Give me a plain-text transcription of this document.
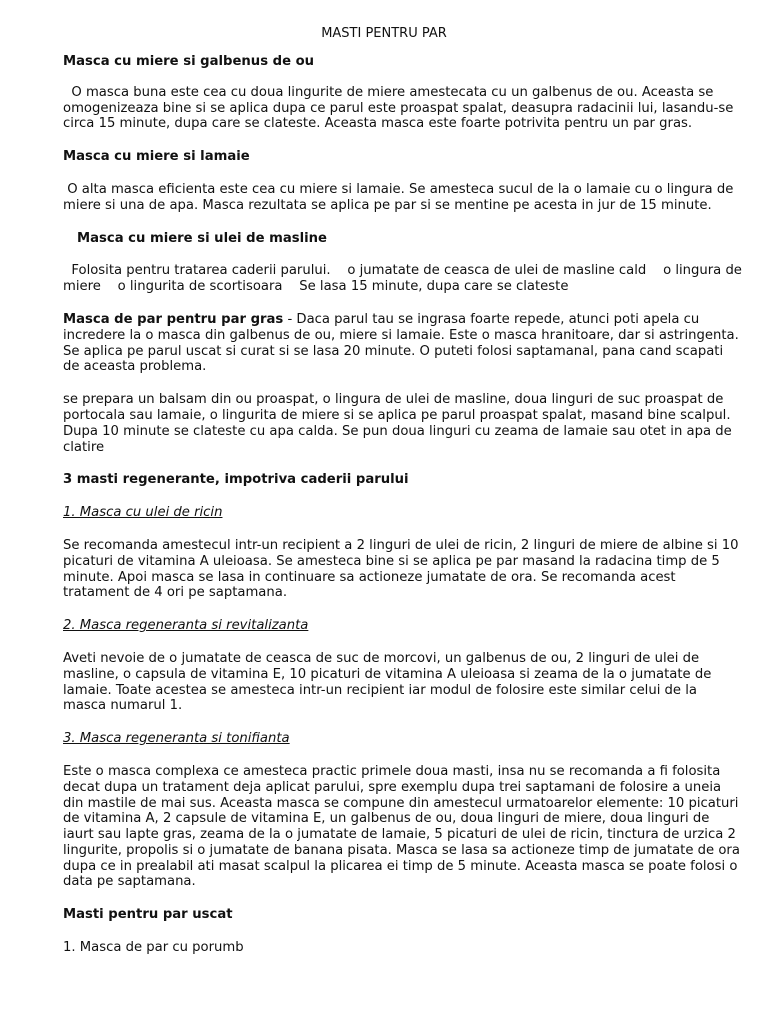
MASTI PENTRU PAR
Masca cu miere si galbenus de ou

O masca buna este cea cu doua lingurite de miere amestecata cu un galbenus de ou. Aceasta se omogenizeaza bine si se aplica dupa ce parul este proaspat spalat, deasupra radacinii lui, lasandu-se circa 15 minute, dupa care se clateste. Aceasta masca este foarte potrivita pentru un par gras.

Masca cu miere si lamaie

O alta masca eficienta este cea cu miere si lamaie. Se amesteca sucul de la o lamaie cu o lingura de miere si una de apa. Masca rezultata se aplica pe par si se mentine pe acesta in jur de 15 minute.

Masca cu miere si ulei de masline

Folosita pentru tratarea caderii parului.    o jumatate de ceasca de ulei de masline cald    o lingura de miere    o lingurita de scortisoara    Se lasa 15 minute, dupa care se clateste

Masca de par pentru par gras - Daca parul tau se ingrasa foarte repede, atunci poti apela cu incredere la o masca din galbenus de ou, miere si lamaie. Este o masca hranitoare, dar si astringenta. Se aplica pe parul uscat si curat si se lasa 20 minute. O puteti folosi saptamanal, pana cand scapati de aceasta problema.

se prepara un balsam din ou proaspat, o lingura de ulei de masline, doua linguri de suc proaspat de portocala sau lamaie, o lingurita de miere si se aplica pe parul proaspat spalat, masand bine scalpul. Dupa 10 minute se clateste cu apa calda. Se pun doua linguri cu zeama de lamaie sau otet in apa de clatire

3 masti regenerante, impotriva caderii parului
1. Masca cu ulei de ricin

Se recomanda amestecul intr-un recipient a 2 linguri de ulei de ricin, 2 linguri de miere de albine si 10 picaturi de vitamina A uleioasa. Se amesteca bine si se aplica pe par masand la radacina timp de 5 minute. Apoi masca se lasa in continuare sa actioneze jumatate de ora. Se recomanda acest tratament de 4 ori pe saptamana.

2. Masca regeneranta si revitalizanta

Aveti nevoie de o jumatate de ceasca de suc de morcovi, un galbenus de ou, 2 linguri de ulei de masline, o capsula de vitamina E, 10 picaturi de vitamina A uleioasa si zeama de la o jumatate de lamaie. Toate acestea se amesteca intr-un recipient iar modul de folosire este similar celui de la masca numarul 1.

3. Masca regeneranta si tonifianta

Este o masca complexa ce amesteca practic primele doua masti, insa nu se recomanda a fi folosita decat dupa un tratament deja aplicat parului, spre exemplu dupa trei saptamani de folosire a uneia din mastile de mai sus. Aceasta masca se compune din amestecul urmatoarelor elemente: 10 picaturi de vitamina A, 2 capsule de vitamina E, un galbenus de ou, doua linguri de miere, doua linguri de iaurt sau lapte gras, zeama de la o jumatate de lamaie, 5 picaturi de ulei de ricin, tinctura de urzica 2 lingurite, propolis si o jumatate de banana pisata. Masca se lasa sa actioneze timp de jumatate de ora dupa ce in prealabil ati masat scalpul la plicarea ei timp de 5 minute. Aceasta masca se poate folosi o data pe saptamana.

Masti pentru par uscat

1. Masca de par cu porumb
